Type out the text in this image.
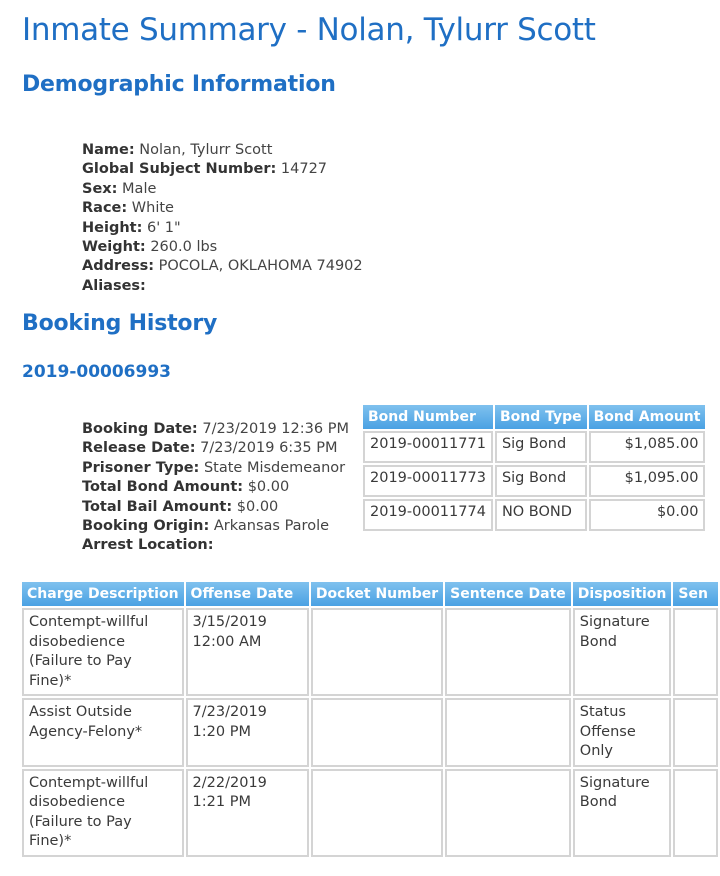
Inmate Summary - Nolan, Tylurr Scott
Demographic Information
Name: Nolan, Tylurr Scott
Global Subject Number: 14727
Sex: Male
Race: White
Height: 6' 1"
Weight: 260.0 lbs
Address: POCOLA, OKLAHOMA 74902
Aliases:
Booking History
2019-00006993
Booking Date: 7/23/2019 12:36 PM
Release Date: 7/23/2019 6:35 PM
Prisoner Type: State Misdemeanor
Total Bond Amount: $0.00
Total Bail Amount: $0.00
Booking Origin: Arkansas Parole
Arrest Location:
Bond Number	Bond Type	Bond Amount
2019-00011771	Sig Bond	$1,085.00
2019-00011773	Sig Bond	$1,095.00
2019-00011774	NO BOND	$0.00
Charge Description	Offense Date	Docket Number	Sentence Date	Disposition	Sen
Contempt-willful disobedience (Failure to Pay Fine)*	3/15/2019 12:00 AM			Signature Bond	
Assist Outside Agency-Felony*	7/23/2019 1:20 PM			Status Offense Only	
Contempt-willful disobedience (Failure to Pay Fine)*	2/22/2019 1:21 PM			Signature Bond	
